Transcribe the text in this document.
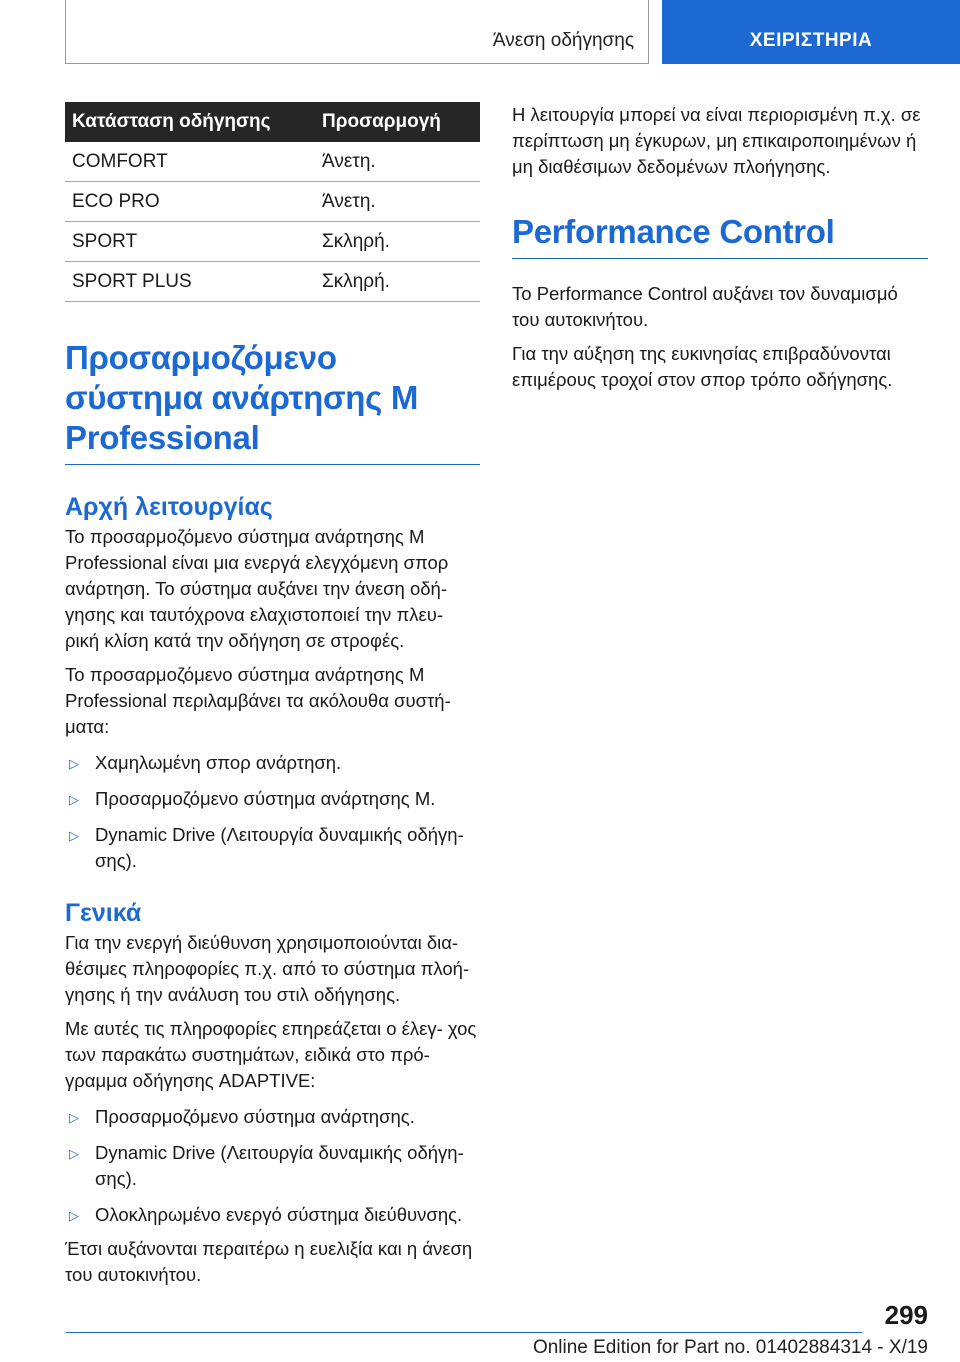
Άνεση οδήγησης	ΧΕΙΡΙΣΤΗΡΙΑ
Κατάσταση οδήγησης	Προσαρμογή
COMFORT	Άνετη.
ECO PRO	Άνετη.
SPORT	Σκληρή.
SPORT PLUS	Σκληρή.
Προσαρμοζόμενο σύστημα ανάρτησης M Professional
Αρχή λειτουργίας

Το προσαρμοζόμενο σύστημα ανάρτησης M Professional είναι μια ενεργά ελεγχόμενη σπορ ανάρτηση. Το σύστημα αυξάνει την άνεση οδή‐ γησης και ταυτόχρονα ελαχιστοποιεί την πλευ‐ ρική κλίση κατά την οδήγηση σε στροφές.

Το προσαρμοζόμενο σύστημα ανάρτησης M Professional περιλαμβάνει τα ακόλουθα συστή‐ ματα:

▷ Χαμηλωμένη σπορ ανάρτηση.
▷ Προσαρμοζόμενο σύστημα ανάρτησης M.
▷ Dynamic Drive (Λειτουργία δυναμικής οδήγη‐ σης).
Γενικά

Για την ενεργή διεύθυνση χρησιμοποιούνται δια‐ θέσιμες πληροφορίες π.χ. από το σύστημα πλοή‐ γησης ή την ανάλυση του στιλ οδήγησης.

Με αυτές τις πληροφορίες επηρεάζεται ο έλεγ‐ χος των παρακάτω συστημάτων, ειδικά στο πρό‐ γραμμα οδήγησης ADAPTIVE:

▷ Προσαρμοζόμενο σύστημα ανάρτησης.
▷ Dynamic Drive (Λειτουργία δυναμικής οδήγη‐ σης).
▷ Ολοκληρωμένο ενεργό σύστημα διεύθυνσης.

Έτσι αυξάνονται περαιτέρω η ευελιξία και η άνεση του αυτοκινήτου.

Η λειτουργία μπορεί να είναι περιορισμένη π.χ. σε περίπτωση μη έγκυρων, μη επικαιροποιημένων ή μη διαθέσιμων δεδομένων πλοήγησης.

Performance Control

Το Performance Control αυξάνει τον δυναμισμό του αυτοκινήτου.

Για την αύξηση της ευκινησίας επιβραδύνονται επιμέρους τροχοί στον σπορ τρόπο οδήγησης.

299
Online Edition for Part no. 01402884314 - X/19
